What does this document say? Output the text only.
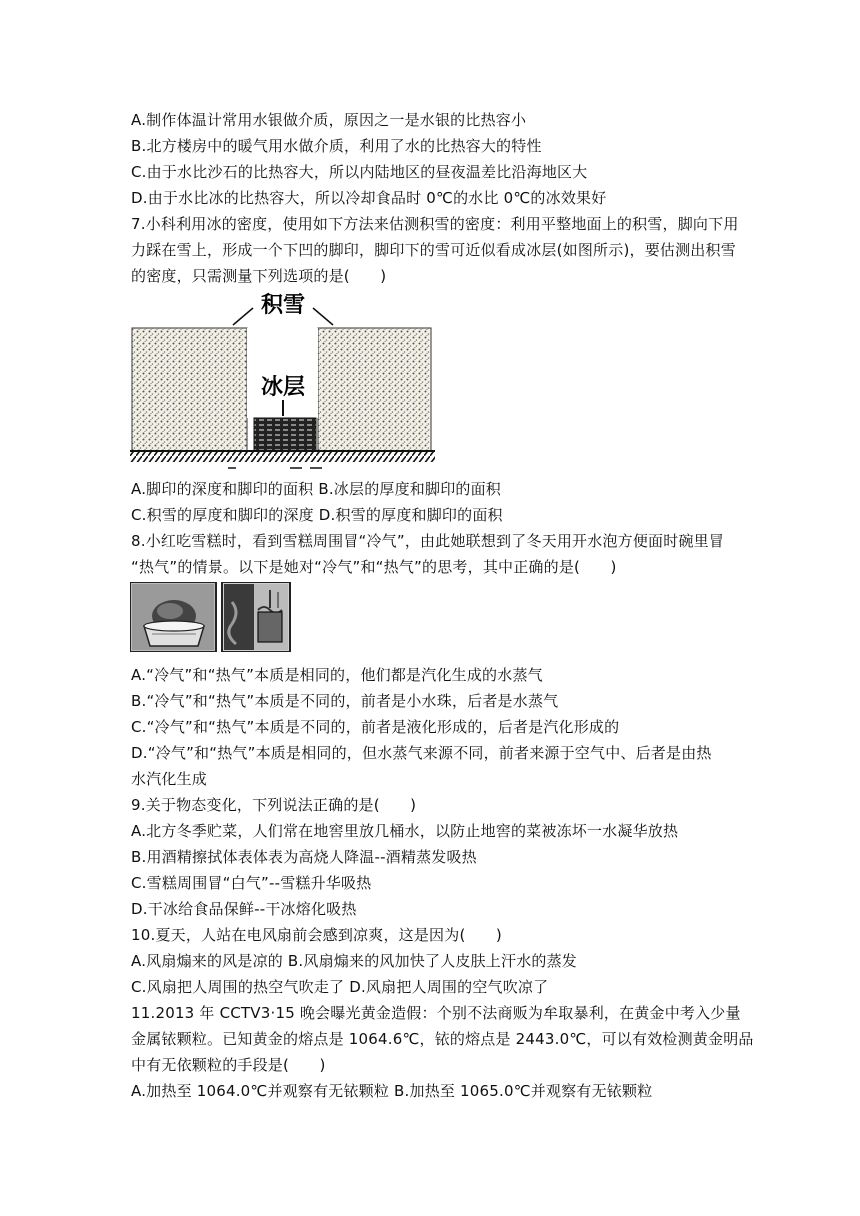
A.制作体温计常用水银做介质，原因之一是水银的比热容小
B.北方楼房中的暖气用水做介质，利用了水的比热容大的特性
C.由于水比沙石的比热容大，所以内陆地区的昼夜温差比沿海地区大
D.由于水比冰的比热容大，所以冷却食品时 0℃的水比 0℃的冰效果好
7.小科利用冰的密度，使用如下方法来估测积雪的密度：利用平整地面上的积雪，脚向下用
力踩在雪上，形成一个下凹的脚印，脚印下的雪可近似看成冰层(如图所示)，要估测出积雪
的密度，只需测量下列选项的是(　　)
积雪
冰层
A.脚印的深度和脚印的面积 B.冰层的厚度和脚印的面积
C.积雪的厚度和脚印的深度 D.积雪的厚度和脚印的面积
8.小红吃雪糕时，看到雪糕周围冒“冷气”，由此她联想到了冬天用开水泡方便面时碗里冒
“热气”的情景。以下是她对“冷气”和“热气”的思考，其中正确的是(　　)
A.“冷气”和“热气”本质是相同的，他们都是汽化生成的水蒸气
B.“冷气”和“热气”本质是不同的，前者是小水珠，后者是水蒸气
C.“冷气”和“热气”本质是不同的，前者是液化形成的，后者是汽化形成的
D.“冷气”和“热气”本质是相同的，但水蒸气来源不同，前者来源于空气中、后者是由热
水汽化生成
9.关于物态变化，下列说法正确的是(　　)
A.北方冬季贮菜，人们常在地窖里放几桶水，以防止地窖的菜被冻坏一水凝华放热
B.用酒精擦拭体表体表为高烧人降温--酒精蒸发吸热
C.雪糕周围冒“白气”--雪糕升华吸热
D.干冰给食品保鲜--干冰熔化吸热
10.夏天，人站在电风扇前会感到凉爽，这是因为(　　)
A.风扇煽来的风是凉的 B.风扇煽来的风加快了人皮肤上汗水的蒸发
C.风扇把人周围的热空气吹走了 D.风扇把人周围的空气吹凉了
11.2013 年 CCTV3·15 晚会曝光黄金造假：个别不法商贩为牟取暴利，在黄金中考入少量
金属铱颗粒。已知黄金的熔点是 1064.6℃，铱的熔点是 2443.0℃，可以有效检测黄金明品
中有无依颗粒的手段是(　　)
A.加热至 1064.0℃并观察有无铱颗粒 B.加热至 1065.0℃并观察有无铱颗粒
